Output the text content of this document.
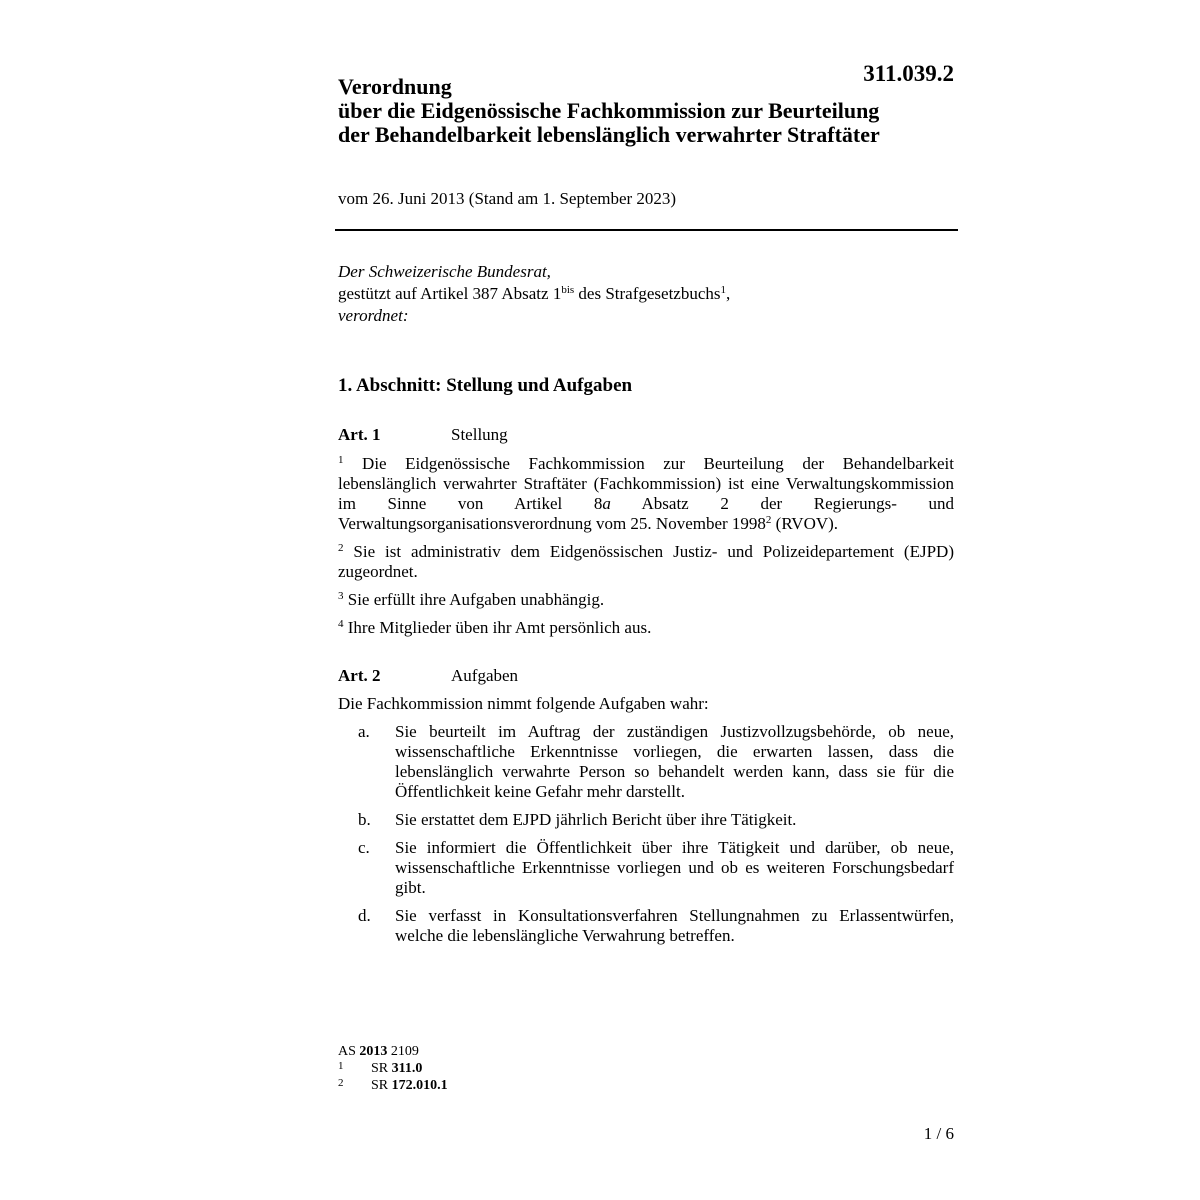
311.039.2
Verordnung
über die Eidgenössische Fachkommission zur Beurteilung
der Behandelbarkeit lebenslänglich verwahrter Straftäter
vom 26. Juni 2013 (Stand am 1. September 2023)
Der Schweizerische Bundesrat,
gestützt auf Artikel 387 Absatz $1^{bis}$ des Strafgesetzbuchs$^1$,
verordnet:
1. Abschnitt: Stellung und Aufgaben
Art. 1	Stellung

$^1$ Die Eidgenössische Fachkommission zur Beurteilung der Behandelbarkeit lebenslänglich verwahrter Straftäter (Fachkommission) ist eine Verwaltungskommission im Sinne von Artikel 8a Absatz 2 der Regierungs- und Verwaltungsorganisationsverordnung vom 25. November 1998$^2$ (RVOV).

$^2$ Sie ist administrativ dem Eidgenössischen Justiz- und Polizeidepartement (EJPD) zugeordnet.

$^3$ Sie erfüllt ihre Aufgaben unabhängig.

$^4$ Ihre Mitglieder üben ihr Amt persönlich aus.

Art. 2	Aufgaben

Die Fachkommission nimmt folgende Aufgaben wahr:

a. Sie beurteilt im Auftrag der zuständigen Justizvollzugsbehörde, ob neue, wissenschaftliche Erkenntnisse vorliegen, die erwarten lassen, dass die lebenslänglich verwahrte Person so behandelt werden kann, dass sie für die Öffentlichkeit keine Gefahr mehr darstellt.
b. Sie erstattet dem EJPD jährlich Bericht über ihre Tätigkeit.
c. Sie informiert die Öffentlichkeit über ihre Tätigkeit und darüber, ob neue, wissenschaftliche Erkenntnisse vorliegen und ob es weiteren Forschungsbedarf gibt.
d. Sie verfasst in Konsultationsverfahren Stellungnahmen zu Erlassentwürfen, welche die lebenslängliche Verwahrung betreffen.
AS 2013 2109
1 SR 311.0
2 SR 172.010.1
1 / 6
